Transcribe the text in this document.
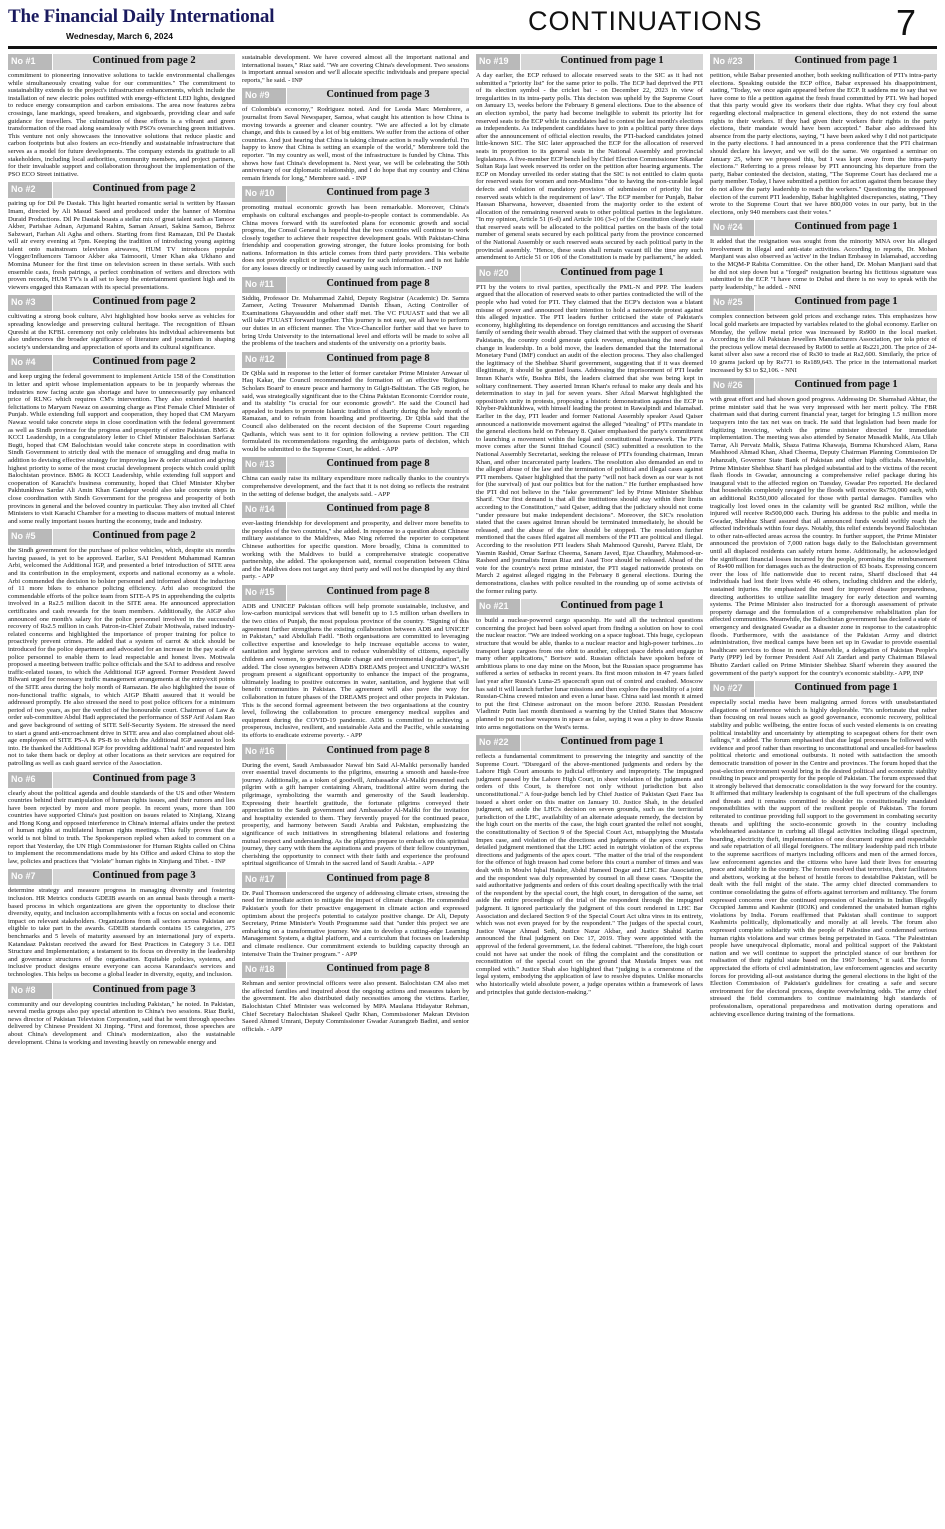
The Financial Daily International
Wednesday, March 6, 2024	CONTINUATIONS	7
No #1	Continued from page 2
commitment to pioneering innovative solutions to tackle environmental challenges while simultaneously creating value for our communities." The commitment to sustainability extends to the project's infrastructure enhancements, which include the installation of new electric poles outfitted with energy-efficient LED lights, designed to reduce energy consumption and carbon emissions. The area now features zebra crossings, lane markings, speed breakers, and signboards, providing clear and safe guidance for travellers. The culmination of these efforts is a vibrant and green transformation of the road along seamlessly with PSO's overarching green initiatives. This venture not only showcases the innovative solutions that reduce plastic and carbon footprints but also fosters an eco-friendly and sustainable infrastructure that serves as a model for future developments. The company extends its gratitude to all stakeholders, including local authorities, community members, and project partners, for their invaluable support and collaboration throughout the implementation of the PSO ECO Street initiative.
No #2	Continued from page 2
pairing up for Dil Pe Dastak. This light hearted romantic serial is written by Hassan Imam, directed by Ali Masud Saeed and produced under the banner of Momina Duraid Productions. Dil Pe Dastak boasts a stellar mix of great talent such as Tamoor Akber, Parishae Adnan, Arjumand Rahim, Saman Ansari, Sakina Samoo, Behroz Sabzwari, Farhan Ali Agha and others. Starting from first Ramazan, Dil Pe Dastak will air every evening at 7pm. Keeping the tradition of introducing young aspiring talent onto mainstream television airwaves, HUM TV introduces popular Vlogger/Influencers Tamoor Akber aka Taimoorii, Umer Khan aka Ukhano and Momina Muneer for the first time on television screen in these serials. With such ensemble casts, fresh pairings, a perfect combination of writers and directors with proven records, HUM TV's is all set to keep the entertainment quotient high and its viewers engaged this Ramazan with its special presentations.
No #3	Continued from page 2
cultivating a strong book culture, Alvi highlighted how books serve as vehicles for spreading knowledge and preserving cultural heritage. The recognition of Ehsan Qureshi at the KFBL ceremony not only celebrates his individual achievements but also underscores the broader significance of literature and journalism in shaping society's understanding and appreciation of sports and its cultural significance.
No #4	Continued from page 2
and keep urging the federal government to implement Article 158 of the Constitution in letter and spirit whose implementation appears to be in jeopardy whereas the industries now facing acute gas shortage and have to unnecessarily pay enhanced price of RLNG which requires CM's intervention. They also extended heartfelt felicitations to Maryam Nawaz on assuming charge as First Female Chief Minister of Punjab. While extending full support and cooperation, they hoped that CM Maryam Nawaz would take concrete steps in close coordination with the federal government as well as Sindh province for the progress and prosperity of entire Pakistan. BMG & KCCI Leadership, in a congratulatory letter to Chief Minister Balochistan Sarfaraz Bugti, hoped that CM Balochistan would take concrete steps in coordination with Sindh Government to strictly deal with the menace of smuggling and drug mafia in addition to devising effective strategy for improving law & order situation and giving highest priority to some of the most crucial development projects which could uplift Balochistan province. BMG & KCCI Leadership, while extending full support and cooperation of Karachi's business community, hoped that Chief Minister Khyber Pakhtunkhwa Sardar Ali Amin Khan Gandapur would also take concrete steps in close coordination with Sindh Government for the progress and prosperity of both provinces in general and the beloved country in particular. They also invited all Chief Ministers to visit Karachi Chamber for a meeting to discuss matters of mutual interest and some really important issues hurting the economy, trade and industry.
No #5	Continued from page 2
the Sindh government for the purchase of police vehicles, which, despite six months having passed, is yet to be approved. Earlier, SAI President Muhammad Kamran Arbi, welcomed the Additional IGP, and presented a brief introduction of SITE area and its contribution in the employment, exports and national economy as a whole. Arbi commended the decision to bolster personnel and informed about the induction of 11 more bikes to enhance policing efficiency. Arbi also recognized the commendable efforts of the police team from SITE-A PS in apprehending the culprits involved in a Rs2.5 million dacoit in the SITE area. He announced appreciation certificates and cash rewards for the team members. Additionally, the AIGP also announced one month's salary for the police personnel involved in the successful recovery of Rs2.5 million in cash. Patron-in-Chief Zubair Motiwala, raised industry-related concerns and highlighted the importance of proper training for police to proactively prevent crimes. He added that a system of carrot & stick should be introduced for the police department and advocated for an increase in the pay scale of police personnel to enable them to lead respectable and honest lives. Motiwala proposed a meeting between traffic police officials and the SAI to address and resolve traffic-related issues, to which the Additional IGP agreed. Former President Jawed Bilwani urged for necessary traffic management arrangements at the entry/exit points of the SITE area during the holy month of Ramazan. He also highlighted the issue of non-functional traffic signals, to which AIGP Bhatti assured that it would be addressed promptly. He also stressed the need to post police officers for a minimum period of two years, as per the verdict of the honourable court. Chairman of Law & order sub-committee Abdul Hadi appreciated the performance of SSP Arif Aslam Rao and gave background of setting of SITE Self-Security System. He stressed the need to start a grand anti-encroachment drive in SITE area and also complained about old-age employees of SITE PS-A & PS-B to which the Additional IGP assured to look into. He thanked the Additional IGP for providing additional 'nafri' and requested him not to take them back or deploy at other locations as their services are required for patrolling as well as cash guard service of the Association.
No #6	Continued from page 3
clearly about the political agenda and double standards of the US and other Western countries behind their manipulation of human rights issues, and their rumors and lies have been rejected by more and more people. In recent years, more than 100 countries have supported China's just position on issues related to Xinjiang, Xizang and Hong Kong and opposed interference in China's internal affairs under the pretext of human rights at multilateral human rights meetings. This fully proves that the world is not blind to truth. The Spokesperson replied when asked to comment on a report that Yesterday, the UN High Commissioner for Human Rights called on China to implement the recommendations made by his Office and asked China to stop the law, policies and practices that "violate" human rights in Xinjiang and Tibet. - INP
No #7	Continued from page 3
determine strategy and measure progress in managing diversity and fostering inclusion. HR Metrics conducts GDEIB awards on an annual basis through a merit-based process in which organizations are given the opportunity to disclose their diversity, equity, and inclusion accomplishments with a focus on social and economic impact on relevant stakeholders. Organizations from all sectors across Pakistan are eligible to take part in the awards. GDEIB standards contains 15 categories, 275 benchmarks and 5 levels of maturity assessed by an international jury of experts. Katandaaz Pakistan received the award for Best Practices in Category 3 i.e. DEI Structure and Implementation; a testament to its focus on diversity in the leadership and governance structures of the organisation. Equitable policies, systems, and inclusive product designs ensure everyone can access Karandaaz's services and technologies. This helps us become a global leader in diversity, equity, and inclusion.
No #8	Continued from page 3
community and our developing countries including Pakistan," he noted. In Pakistan, several media groups also pay special attention to China's two sessions. Riaz Burki, news director of Pakistan Television Corporation, said that he went through speeches delivered by Chinese President Xi Jinping. "First and foremost, those speeches are about China's development and China's modernization, also the sustainable development. China is working and investing heavily on renewable energy and
sustainable development. We have covered almost all the important national and international issues," Riaz said. "We are covering China's development. Two sessions is important annual session and we'll allocate specific individuals and prepare special reports," he said. - INP
No #9	Continued from page 3
of Colombia's economy," Rodriguez noted. And for Leoda Marc Membrere, a journalist from Saval Newspaper, Samoa, what caught his attention is how China is moving towards a greener and cleaner country. "We are affected a lot by climate change, and this is caused by a lot of big emitters. We suffer from the actions of other countries. And just hearing that China is taking climate action is really wonderful. I'm happy to know that China is setting an example of the world," Membrere told the reporter. "In my country as well, most of the infrastructure is funded by China. This shows how fast China's development is. Next year, we will be celebrating the 50th anniversary of our diplomatic relationship, and I do hope that my country and China remain friends for long," Membrere said. - INP
No #10	Continued from page 3
promoting mutual economic growth has been remarkable. Moreover, China's emphasis on cultural exchanges and people-to-people contact is commendable. As China moves forward with its surefooted plans for economic growth and social progress, the Consul General is hopeful that the two countries will continue to work closely together to achieve their respective development goals. With Pakistan-China friendship and cooperation growing stronger, the future looks promising for both nations. Information in this article comes from third party providers. This website does not provide explicit or implied warranty for such information and is not liable for any losses directly or indirectly caused by using such information. - INP
No #11	Continued from page 8
Siddiq, Professor Dr. Muhammad Zahid, Deputy Registrar (Academic) Dr. Samra Zameer, Acting Treasurer Muhammad Danish Ehsan, Acting Controller of Examinations Ghayasuddin and other staff met. The VC FUUAST said that we all will take FUUAST forward together. This journey is not easy, we all have to perform our duties in an efficient manner. The Vice-Chancellor further said that we have to bring Urdu University to the international level and efforts will be made to solve all the problems of the teachers and students of the university on a priority basis.
No #12	Continued from page 8
Dr Qibla said in response to the letter of former caretaker Prime Minister Anwaar ul Haq Kakar, the Council recommended the formation of an effective 'Religious Scholars Board' to ensure peace and harmony in Gilgit-Baltistan. The GB region, he said, was strategically significant due to the China Pakistan Economic Corridor route, and its stability "is crucial for our economic growth". He said the Council had appealed to traders to promote Islamic tradition of charity during the holy month of Ramazan, and to refrain from hoarding and profiteering. Dr Qibla said that the Council also deliberated on the recent decision of the Supreme Court regarding Qadianis, which was sent to it for opinion following a review petition. The CII formulated its recommendations regarding the ambiguous parts of decision, which would be submitted to the Supreme Court, he added. - APP
No #13	Continued from page 8
China can easily raise its military expenditure more radically thanks to the country's comprehensive development, and the fact that it is not doing so reflects the restraint in the setting of defense budget, the analysts said. - APP
No #14	Continued from page 8
ever-lasting friendship for development and prosperity, and deliver more benefits to the peoples of the two countries," she added. In response to a question about Chinese military assistance to the Maldives, Mao Ning referred the reporter to competent Chinese authorities for specific question. More broadly, China is committed to working with the Maldives to build a comprehensive strategic cooperative partnership, she added. The spokesperson said, normal cooperation between China and the Maldives does not target any third party and will not be disrupted by any third party. - APP
No #15	Continued from page 8
ADB and UNICEF Pakistan offices will help promote sustainable, inclusive, and low-carbon municipal services that will benefit up to 1.5 million urban dwellers in the two cities of Punjab, the most populous province of the country. "Signing of this agreement further strengthens the existing collaboration between ADB and UNICEF in Pakistan," said Abdullah Fadil. "Both organisations are committed to leveraging collective expertise and knowledge to help increase equitable access to water, sanitation and hygiene services and to reduce vulnerability of citizens, especially children and women, to growing climate change and environmental degradation", he added. The close synergies between ADB's DREAMS project and UNICEF's WASH program present a significant opportunity to enhance the impact of the programs, ultimately leading to positive outcomes in water, sanitation, and hygiene that will benefit communities in Pakistan. The agreement will also pave the way for collaboration in future phases of the DREAMS project and other projects in Pakistan. This is the second formal agreement between the two organisations at the country level, following the collaboration to procure emergency medical supplies and equipment during the COVID-19 pandemic. ADB is committed to achieving a prosperous, inclusive, resilient, and sustainable Asia and the Pacific, while sustaining its efforts to eradicate extreme poverty. - APP
No #16	Continued from page 8
During the event, Saudi Ambassador Nawaf bin Said Al-Maliki personally handed over essential travel documents to the pilgrims, ensuring a smooth and hassle-free journey. Additionally, as a token of goodwill, Ambassador Al-Maliki presented each pilgrim with a gift hamper containing Ahram, traditional attire worn during the pilgrimage, symbolizing the warmth and generosity of the Saudi leadership. Expressing their heartfelt gratitude, the fortunate pilgrims conveyed their appreciation to the Saudi government and Ambassador Al-Maliki for the invitation and hospitality extended to them. They fervently prayed for the continued peace, prosperity, and harmony between Saudi Arabia and Pakistan, emphasizing the significance of such initiatives in strengthening bilateral relations and fostering mutual respect and understanding. As the pilgrims prepare to embark on this spiritual journey, they carry with them the aspirations and prayers of their fellow countrymen, cherishing the opportunity to connect with their faith and experience the profound spiritual significance of Umrah in the sacred land of Saudi Arabia. - APP
No #17	Continued from page 8
Dr. Paul Thomson underscored the urgency of addressing climate crises, stressing the need for immediate action to mitigate the impact of climate change. He commended Pakistan's youth for their proactive engagement in climate action and expressed optimism about the project's potential to catalyze positive change. Dr Ali, Deputy Secretary, Prime Minister's Youth Programme said that "under this project we are embarking on a transformative journey. We aim to develop a cutting-edge Learning Management System, a digital platform, and a curriculum that focuses on leadership and climate resilience. Our commitment extends to building capacity through an intensive Train the Trainer program." - APP
No #18	Continued from page 8
Rehman and senior provincial officers were also present. Balochistan CM also met the affected families and inquired about the ongoing actions and measures taken by the government. He also distributed daily necessities among the victims. Earlier, Balochistan Chief Minister was welcomed by MPA Maulana Hidayatur Rehman, Chief Secretary Balochistan Shakeel Qadir Khan, Commissioner Makran Division Saeed Ahmed Umrani, Deputy Commissioner Gwadar Aurangzeb Badini, and senior officials. - APP
No #19	Continued from page 1
A day earlier, the ECP refused to allocate reserved seats to the SIC as it had not submitted a "priority list" for the same prior to polls. The ECP had deprived the PTI of its election symbol - the cricket bat - on December 22, 2023 in view of irregularities in its intra-party polls. This decision was upheld by the Supreme Court on January 13, weeks before the February 8 general elections. Due to the absence of an election symbol, the party had become ineligible to submit its priority list for reserved seats to the ECP while its candidates had to contest the last month's elections as independents. As independent candidates have to join a political party three days after the announcement of official election results, the PTI-backed candidates joined little-known SIC. The SIC later approached the ECP for the allocation of reserved seats in proportion to its general seats in the National Assembly and provincial legislatures. A five-member ECP bench led by Chief Election Commissioner Sikandar Sultan Raja last week reserved its order on the petition after hearing arguments. The ECP on Monday unveiled its order stating that the SIC is not entitled to claim quota for reserved seats for women and non-Muslims "due to having the non-curable legal defects and violation of mandatory provision of submission of priority list for reserved seats which is the requirement of law". The ECP member for Punjab, Babar Hassan Bharwana, however, dissented from the majority order to the extent of allocation of the remaining reserved seats to other political parties in the legislature. "In my opinion, Article 51 (6-d) and Article 106 (3-c) of the Constitution clearly state that reserved seats will be allocated to the political parties on the basis of the total number of general seats secured by each political party from the province concerned of the National Assembly or such reserved seats secured by each political party in the provincial assembly. "Hence, these seats shall remain vacant till the time any such amendment to Article 51 or 106 of the Constitution is made by parliament," he added.
No #20	Continued from page 1
PTI by the voters to rival parties, specifically the PML-N and PPP. The leaders argued that the allocation of reserved seats to other parties contradicted the will of the people who had voted for PTI. They claimed that the ECP's decision was a blatant misuse of power and announced their intention to hold a nationwide protest against this alleged injustice. The PTI leaders further criticised the state of Pakistan's economy, highlighting its dependence on foreign remittances and accusing the Sharif family of sending their wealth abroad. They claimed that with the support of overseas Pakistanis, the country could generate quick revenue, emphasising the need for a change in leadership. In a bold move, the leaders demanded that the International Monetary Fund (IMF) conduct an audit of the election process. They also challenged the legitimacy of the Shehbaz Sharif government, suggesting that if it was deemed illegitimate, it should be granted loans. Addressing the imprisonment of PTI leader Imran Khan's wife, Bushra Bibi, the leaders claimed that she was being kept in solitary confinement. They asserted Imran Khan's refusal to make any deals and his determination to stay in jail for seven years. Sher Afzal Marwat highlighted the opposition's unity in protests, proposing a historic demonstration against the ECP in Khyber-Pakhtunkhwa, with himself leading the protest in Rawalpindi and Islamabad. Earlier in the day, PTI leader and former National Assembly speaker Asad Qaiser announced a nationwide movement against the alleged "stealing" of PTI's mandate in the general elections held on February 8. Qaiser emphasised the party's commitment to launching a movement within the legal and constitutional framework. The PTI's move comes after the Sunni Ittehad Council (SIC) submitted a resolution to the National Assembly Secretariat, seeking the release of PTI's founding chairman, Imran Khan, and other incarcerated party leaders. The resolution also demanded an end to the alleged abuse of the law and the termination of political and illegal cases against PTI members. Qaiser highlighted that the party "will not back down as our war is not for (the survival) of just our politics but for the nation." He further emphasised how the PTI did not believe in the "fake government" led by Prime Minister Shehbaz Sharif. "Our first demand is that all the institutions should stay within their limits according to the Constitution," said Qaiser, adding that the judiciary should not come "under pressure but make independent decisions". Moreover, the SIC's resolution stated that the cases against Imran should be terminated immediately, he should be released, and the abuse of the law should be stopped. The resolution further mentioned that the cases filed against all members of the PTI are political and illegal. According to the resolution PTI leaders Shah Mahmood Qureshi, Parvez Elahi, Dr Yasmin Rashid, Omar Sarfraz Cheema, Sanam Javed, Ejaz Chaudhry, Mahmood-ur- Rasheed and journalists Imran Riaz and Asad Toor should be released. Ahead of the vote for the country's next prime minister, the PTI staged nationwide protests on March 2 against alleged rigging in the February 8 general elections. During the demonstrations, clashes with police resulted in the rounding up of some activists of the former ruling party.
No #21	Continued from page 1
to build a nuclear-powered cargo spaceship. He said all the technical questions concerning the project had been solved apart from finding a solution on how to cool the nuclear reactor. "We are indeed working on a space tugboat. This huge, cyclopean structure that would be able, thanks to a nuclear reactor and high-power turbines...to transport large cargoes from one orbit to another, collect space debris and engage in many other applications," Borisov said. Russian officials have spoken before of ambitious plans to one day mine on the Moon, but the Russian space programme has suffered a series of setbacks in recent years. Its first moon mission in 47 years failed last year after Russia's Luna-25 spacecraft spun out of control and crashed. Moscow has said it will launch further lunar missions and then explore the possibility of a joint Russian-China crewed mission and even a lunar base. China said last month it aimed to put the first Chinese astronaut on the moon before 2030. Russian President Vladimir Putin last month dismissed a warning by the United States that Moscow planned to put nuclear weapons in space as false, saying it was a ploy to draw Russia into arms negotiations on the West's terms.
No #22	Continued from page 1
reflects a fundamental commitment to preserving the integrity and sanctity of the Supreme Court. "Disregard of the above-mentioned judgments and orders by the Lahore High Court amounts to judicial effrontery and impropriety. The impugned judgment passed by the Lahore High Court, in sheer violation of the judgments and orders of this Court, is therefore not only without jurisdiction but also unconstitutional." A four-judge bench led by Chief Justice of Pakistan Qazi Faez Isa issued a short order on this matter on January 10. Justice Shah, in the detailed judgment, set aside the LHC's decision on seven grounds, such as the territorial jurisdiction of the LHC, availability of an alternate adequate remedy, the decision by the high court on the merits of the case, the high court granted the relief not sought, the constitutionality of Section 9 of the Special Court Act, misapplying the Mustafa Impex case, and violation of the directions and judgments of the apex court. The detailed judgment mentioned that the LHC acted in outright violation of the express directions and judgments of the apex court. "The matter of the trial of the respondent for the offence of high treason had come before this court a number of times and was dealt with in Moulvi Iqbal Haider, Abdul Hameed Dogar and LHC Bar Association, and the respondent was duly represented by counsel in all these cases. "Despite the said authoritative judgments and orders of this court dealing specifically with the trial of the respondent by the special court, the high court, in derogation of the same, set aside the entire proceedings of the trial of the respondent through the impugned judgment. It ignored particularly the judgment of this court rendered in LHC Bar Association and declared Section 9 of the Special Court Act ultra vires in its entirety, which was not even prayed for by the respondent." The judges of the special court, Justice Waqar Ahmad Seth, Justice Nazar Akbar, and Justice Shahid Karim announced the final judgment on Dec 17, 2019. They were appointed with the approval of the federal government, i.e. the federal cabinet. "Therefore, the high court could not have sat under the nook of filing the complaint and the constitution or reconstitution of the special court on the ground that Mustafa Impex was not complied with." Justice Shah also highlighted that "judging is a cornerstone of the legal system, embodying the application of law to resolve disputes. Unlike monarchs who historically wield absolute power, a judge operates within a framework of laws and principles that guide decision-making."
No #23	Continued from page 1
petition, while Babar presented another, both seeking nullification of PTI's intra-party elections. Speaking outside the ECP office, Babar expressed his disappointment, stating, "Today, we once again appeared before the ECP. It saddens me to say that we have come to file a petition against the fresh fraud committed by PTI. We had hoped that this party would give its workers their due rights. What they cry foul about regarding electoral malpractice in general elections, they do not extend the same rights to their workers. If they had given their workers their rights in the party elections, their mandate would have been accepted." Babar also addressed his absence from the party elections, saying, "I have been asked why I did not participate in the party elections. I had announced in a press conference that the PTI chairman should declare his lawyer, and we will do the same. We organised a seminar on January 25, where we proposed this, but I was kept away from the intra-party elections." Referring to a press release by PTI announcing his departure from the party, Babar contested the decision, stating, "The Supreme Court has declared me a party member. Today, I have submitted a petition for action against them because they do not allow the party leadership to reach the workers." Questioning the unopposed election of the current PTI leadership, Babar highlighted discrepancies, stating, "They wrote to the Supreme Court that we have 800,000 votes in our party, but in the elections, only 940 members cast their votes."
No #24	Continued from page 1
It added that the resignation was sought from the minority MNA over his alleged involvement in illegal and anti-state activities. According to reports, Dr. Mohan Manjiani was also observed as 'active' in the Indian Embassy in Islamabad, according to the MQM-P Rabita Committee. On the other hand, Dr. Mohan Manjiani said that he did not step down but a "forged" resignation bearing his fictitious signature was submitted to the ECP. "I have come to Dubai and there is no way to speak with the party leadership," he added. - NNI
No #25	Continued from page 1
complex connection between gold prices and exchange rates. This emphasizes how local gold markets are impacted by variables related to the global economy. Earlier on Monday, the yellow metal price was increased by Rs900 in the local market. According to the All Pakistan Jewellers Manufacturers Association, per tola price of the precious yellow metal decreased by Rs900 to settle at Rs221,200. The price of 24-karat silver also saw a record rise of Rs30 to trade at Rs2,600. Similarly, the price of 10 grams jacked up by Rs771 to Rs189,643. The price in the international market increased by $3 to $2,106. - NNI
No #26	Continued from page 1
with great effort and had shown good progress. Addressing Dr. Shamshad Akhtar, the prime minister said that he was very impressed with her merit policy. The FBR chairman said that during current financial year, target for bringing 1.5 million more taxpayers into the tax net was on track. He said that legislation had been made for digitizing invoicing, which the prime minister directed for immediate implementation. The meeting was also attended by Senator Musadik Malik, Ata Ullah Tarrar, Ali Pervaiz Malik, Shaza Fatima Khawaja, Bumma Khurshced Alam, Rana Mashhood Ahmad Khan, Ahad Cheema, Deputy Chairman Planning Commission Dr Jehanzaib, Governor State Bank of Pakistan and other high officials. Meanwhile, Prime Minister Shehbaz Sharif has pledged substantial aid to the victims of the recent flash floods in Gwadar, announcing a comprehensive relief package during his inaugural visit to the affected region on Tuesday, Gwadar Pro reported. He declared that households completely ravaged by the floods will receive Rs750,000 each, with an additional Rs350,000 allocated for those with partial damages. Families who tragically lost loved ones in the calamity will be granted Rs2 million, while the injured will receive Rs500,000 each. During his address to the public and media in Gwadar, Shehbaz Sharif assured that all announced funds would swiftly reach the affected individuals within four days. Notably, this relief extends beyond Balochistan to other rain-affected areas across the country. In further support, the Prime Minister announced the provision of 7,000 ration bags daily to the Balochistan government until all displaced residents can safely return home. Additionally, he acknowledged the significant financial losses incurred by the people, promising the reimbursement of Rs400 million for damages such as the destruction of 83 boats. Expressing concern over the loss of life nationwide due to recent rains, Sharif disclosed that 44 individuals had lost their lives while 46 others, including children and the elderly, sustained injuries. He emphasized the need for improved disaster preparedness, directing authorities to utilize satellite imagery for early detection and warning systems. The Prime Minister also instructed for a thorough assessment of private property damage and the formulation of a comprehensive rehabilitation plan for affected communities. Meanwhile, the Balochistan government has declared a state of emergency and designated Gwadar as a disaster zone in response to the catastrophic floods. Furthermore, with the assistance of the Pakistan Army and district administration, five medical camps have been set up in Gwadar to provide essential healthcare services to those in need. Meanwhile, a delegation of Pakistan People's Party (PPP) led by former President Asif Ali Zardari and party Chairman Bilawal Bhutto Zardari called on Prime Minister Shehbaz Sharif wherein they assured the government of the party's support for the country's economic stability.- APP, INP
No #27	Continued from page 1
especially social media have been maligning armed forces with unsubstantiated allegations of interference which is highly deplorable. "It's unfortunate that rather than focusing on real issues such as good governance, economic recovery, political stability and public wellbeing, the entire focus of such vested elements is on creating political instability and uncertainty by attempting to scapegoat others for their own failings," it added. The forum emphasised that due legal processes be followed with evidence and proof rather than resorting to unconstitutional and uncalled-for baseless political rhetoric and emotional outbursts. It noted with satisfaction the smooth democratic transition of power in the Centre and provinces. The forum hoped that the post-election environment would bring in the desired political and economic stability resulting in peace and prosperity for the people of Pakistan. The forum expressed that it strongly believed that democratic consolidation is the way forward for the country. It affirmed that military leadership is cognisant of the full spectrum of the challenges and threats and it remains committed to shoulder its constitutionally mandated responsibilities with the support of the resilient people of Pakistan. The forum reiterated to continue providing full support to the government in combating security threats and uplifting the socio-economic growth in the country including wholehearted assistance in curbing all illegal activities including illegal spectrum, hoarding, electricity theft, implementation of one document regime and respectable and safe repatriation of all illegal foreigners. The military leadership paid rich tribute to the supreme sacrifices of martyrs including officers and men of the armed forces, law enforcement agencies and the citizens who have laid their lives for ensuring peace and stability in the country. The forum resolved that terrorists, their facilitators and abettors, working at the behest of hostile forces to destabilise Pakistan, will be dealt with the full might of the state. The army chief directed commanders to continue consolidating the gains of efforts against terrorism and militancy. The forum expressed concerns over the continued repression of Kashmiris in Indian Illegally Occupied Jammu and Kashmir (IIOJK) and condemned the unabated human rights violations by India. Forum reaffirmed that Pakistan shall continue to support Kashmiris politically, diplomatically and morally at all levels. The forum also expressed complete solidarity with the people of Palestine and condemned serious human rights violations and war crimes being perpetrated in Gaza. "The Palestinian people have unequivocal diplomatic, moral and political support of the Pakistani nation and we will continue to support the principled stance of our brethren for realisation of their rightful state based on the 1967 borders," it said. The forum appreciated the efforts of civil administration, law enforcement agencies and security forces for providing all-out assistance during the general elections in the light of the Election Commission of Pakistan's guidelines for creating a safe and secure environment for the electoral process, despite overwhelming odds. The army chief stressed the field commanders to continue maintaining high standards of professionalism, operational preparedness and motivation during operations and achieving excellence during training of the formations.
